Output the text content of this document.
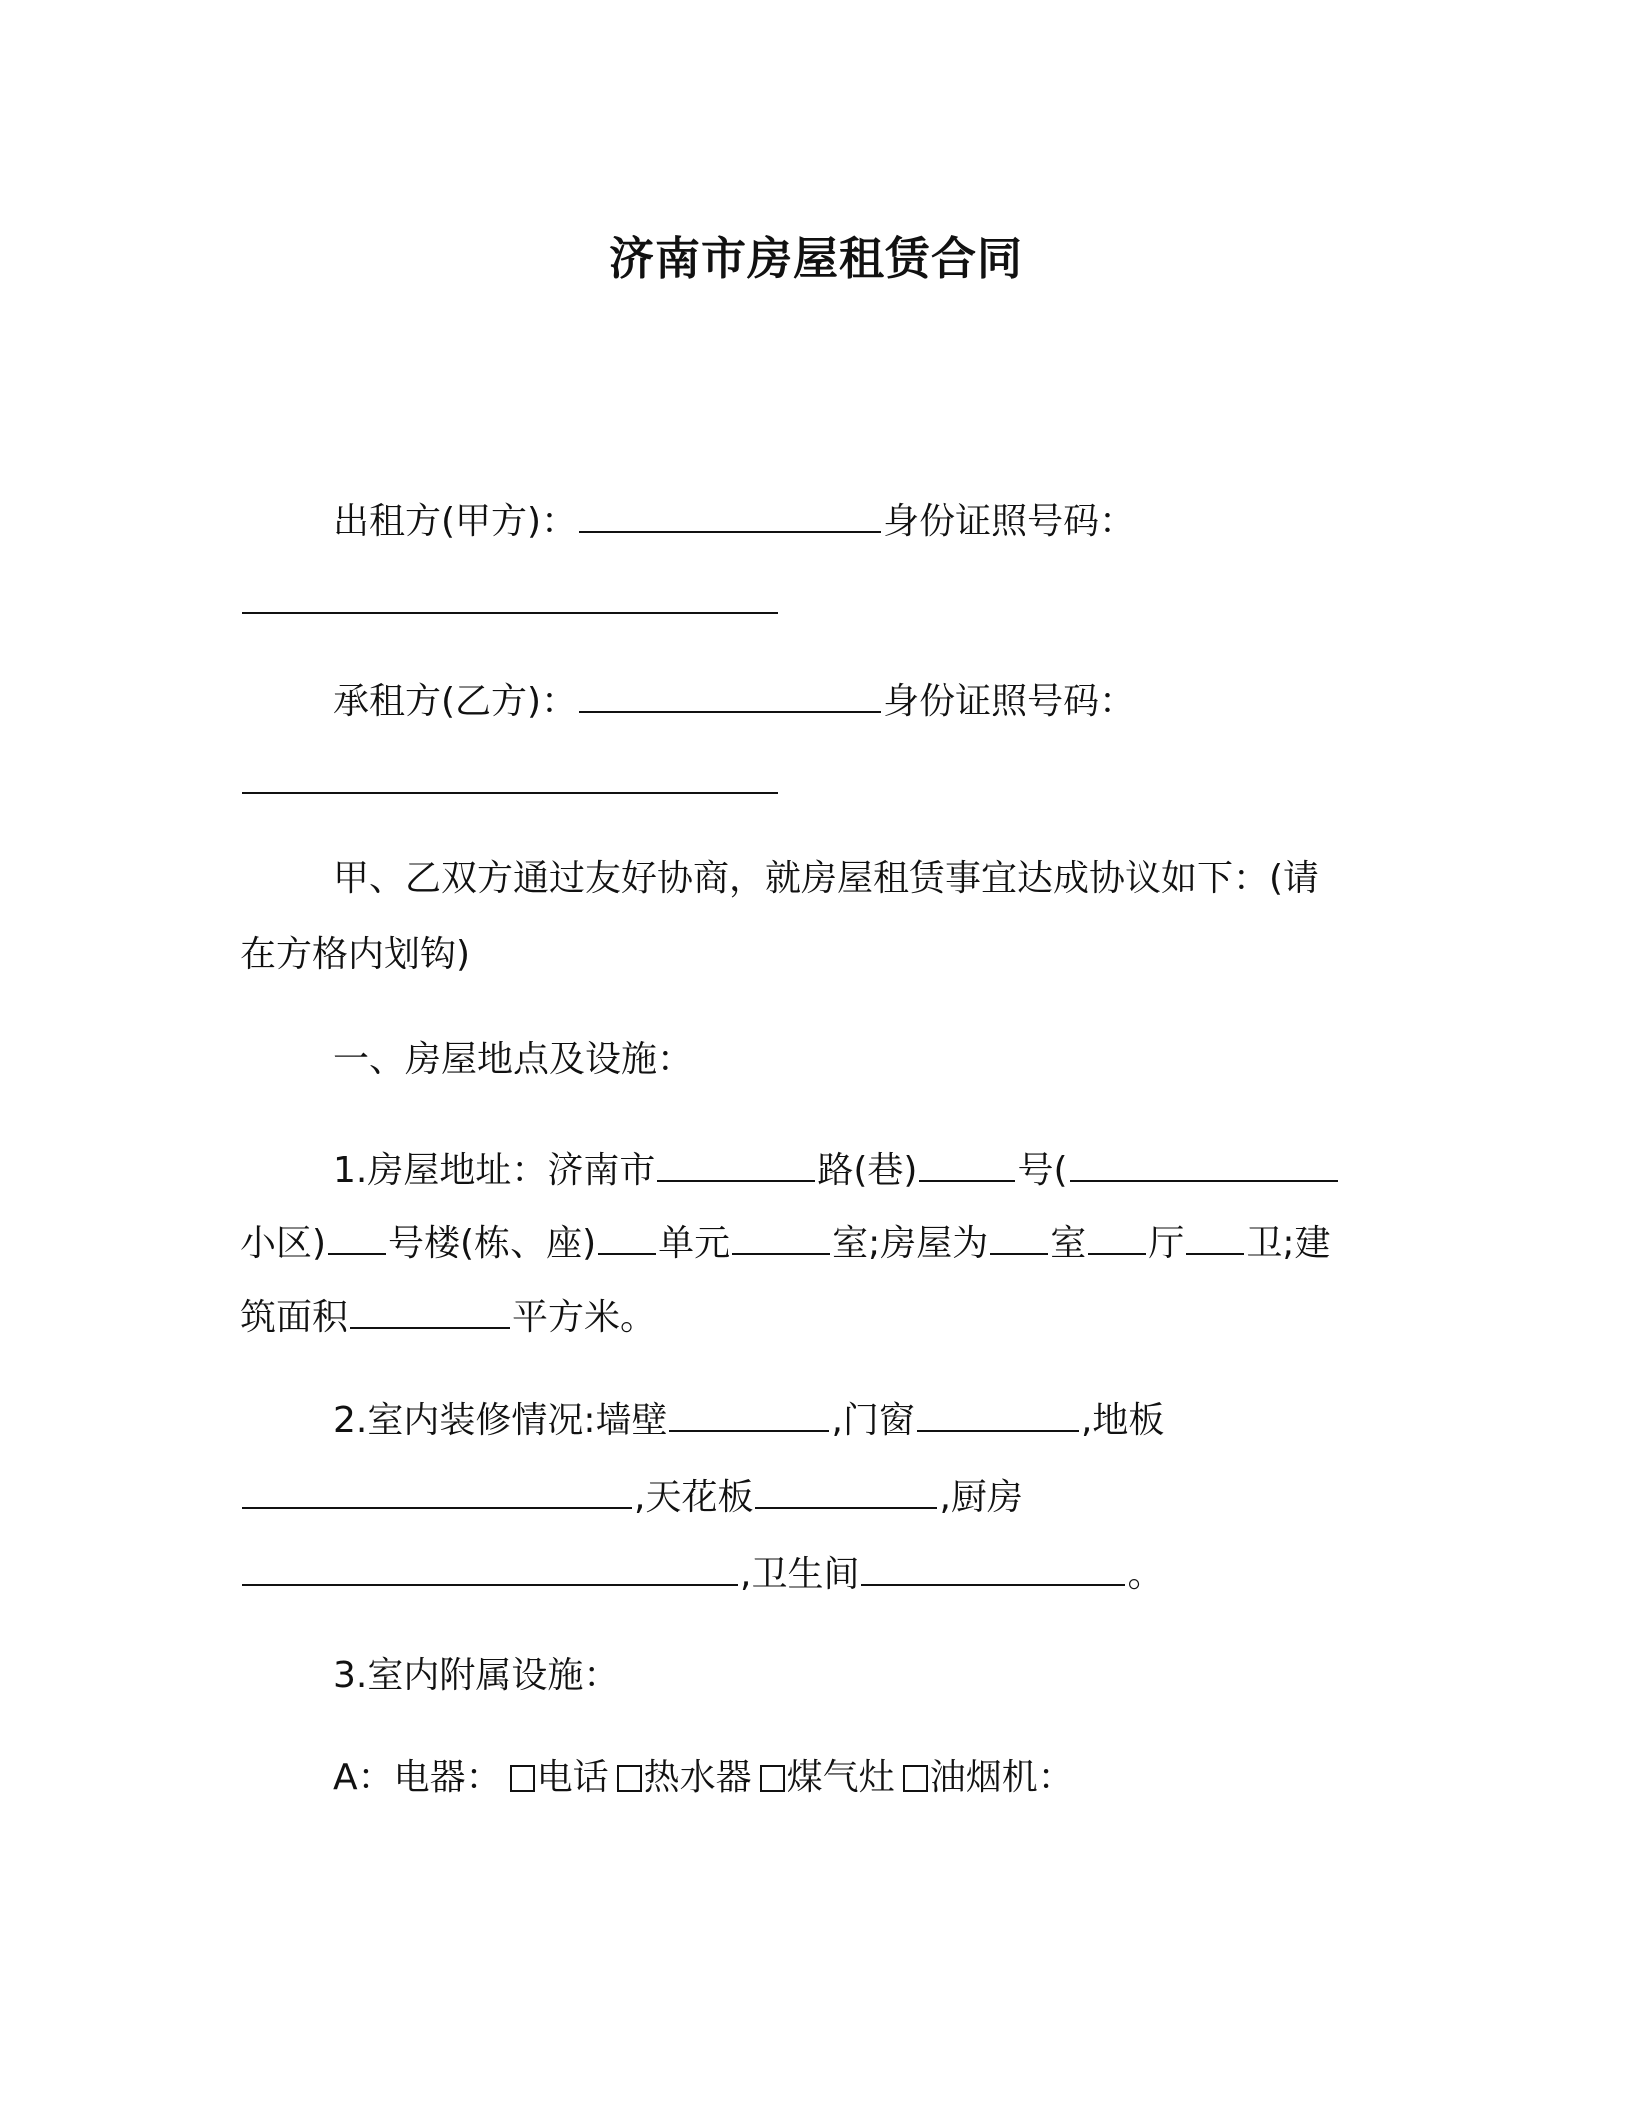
济南市房屋租赁合同
出租方(甲方)：	身份证照号码：
承租方(乙方)：	身份证照号码：
甲、乙双方通过友好协商，就房屋租赁事宜达成协议如下：(请
在方格内划钩)
一、房屋地点及设施：
1.房屋地址：济南市	路(巷)	号(
小区) 号楼(栋、座) 单元	室;房屋为 室 厅 卫;建
筑面积	平方米。
2.室内装修情况:墙壁	,门窗	,地板
,天花板	,厨房
,卫生间	。
3.室内附属设施：
A：电器： 电话 热水器 煤气灶 油烟机：
